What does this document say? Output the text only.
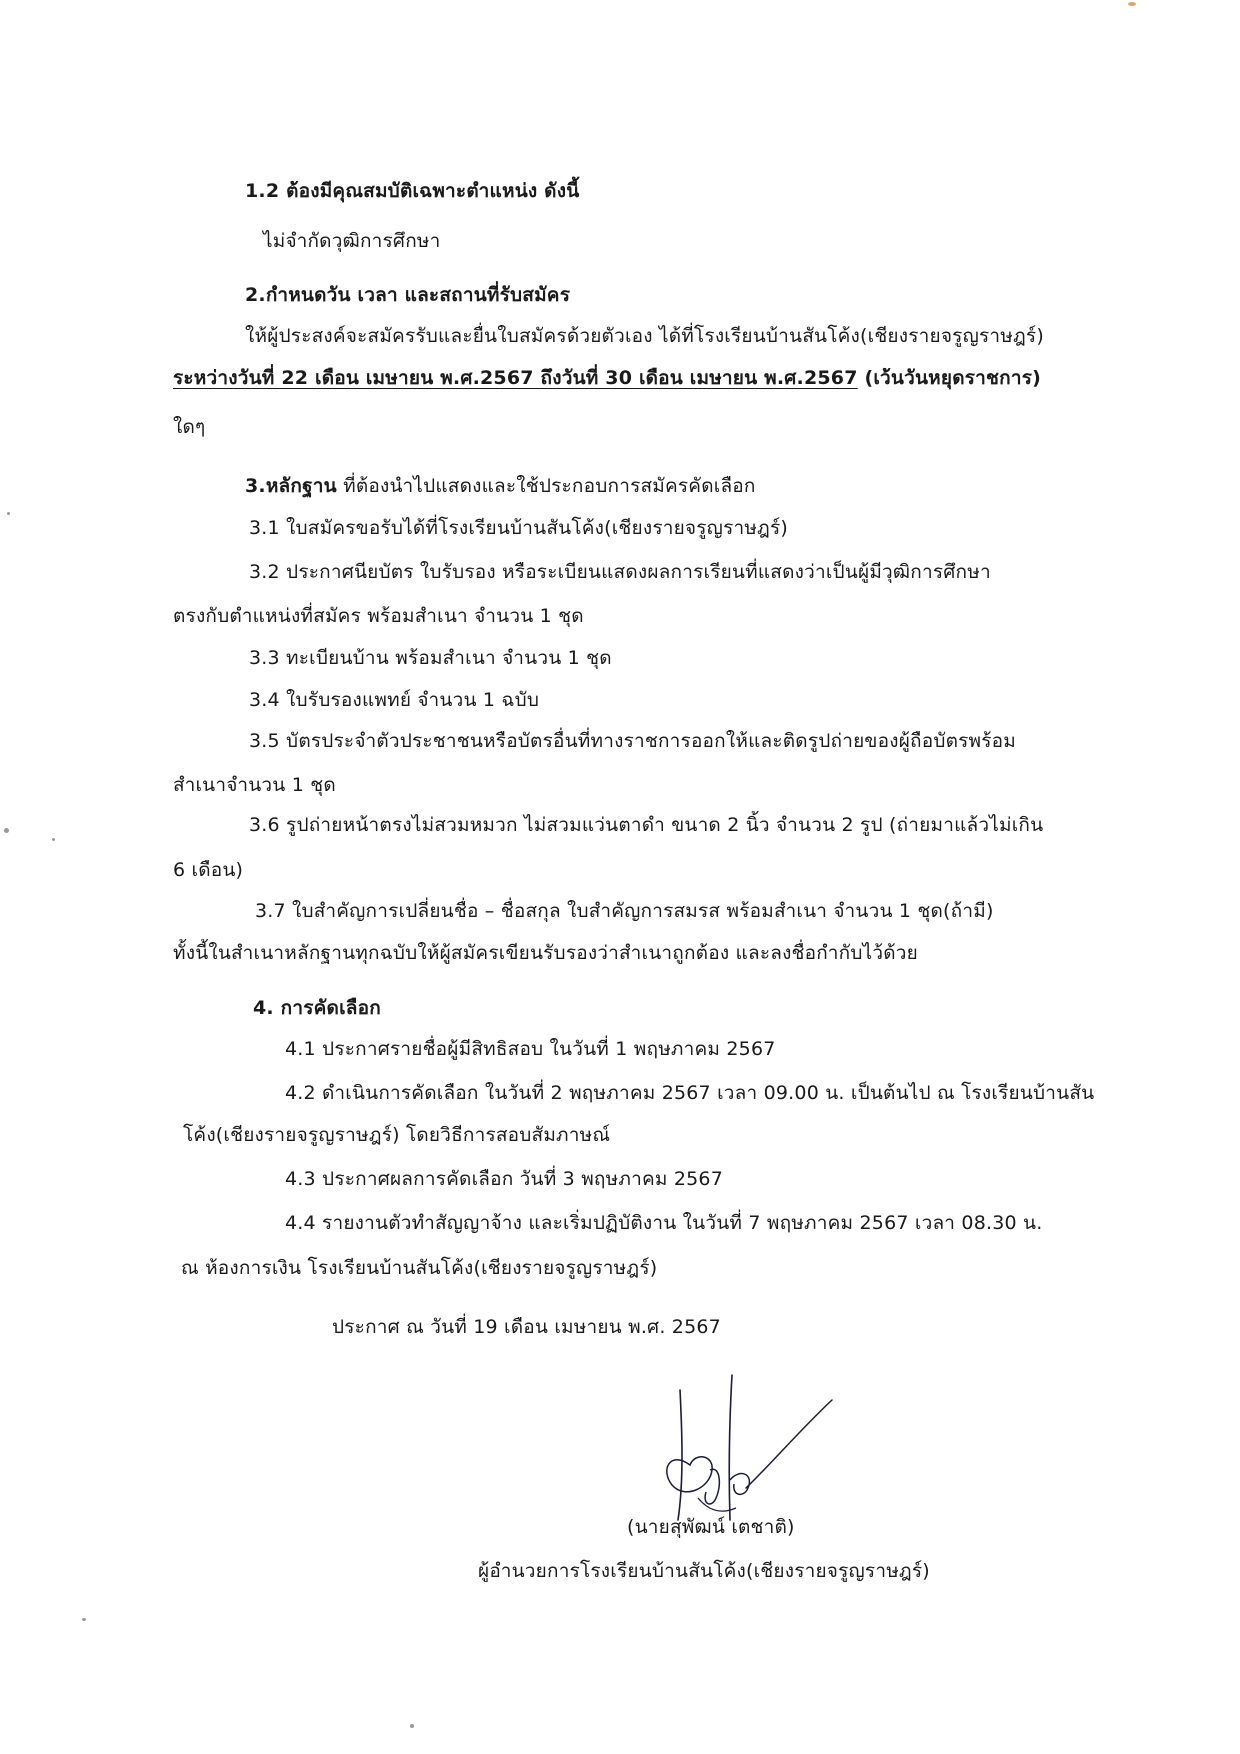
1.2 ต้องมีคุณสมบัติเฉพาะตำแหน่ง ดังนี้
ไม่จำกัดวุฒิการศึกษา
2.กำหนดวัน เวลา และสถานที่รับสมัคร
ให้ผู้ประสงค์จะสมัครรับและยื่นใบสมัครด้วยตัวเอง ได้ที่โรงเรียนบ้านสันโค้ง(เชียงรายจรูญราษฎร์)
ระหว่างวันที่ 22 เดือน เมษายน พ.ศ.2567 ถึงวันที่ 30 เดือน เมษายน พ.ศ.2567 (เว้นวันหยุดราชการ)
ใดๆ
3.หลักฐาน ที่ต้องนำไปแสดงและใช้ประกอบการสมัครคัดเลือก
3.1 ใบสมัครขอรับได้ที่โรงเรียนบ้านสันโค้ง(เชียงรายจรูญราษฎร์)
3.2 ประกาศนียบัตร ใบรับรอง หรือระเบียนแสดงผลการเรียนที่แสดงว่าเป็นผู้มีวุฒิการศึกษา
ตรงกับตำแหน่งที่สมัคร พร้อมสำเนา จำนวน 1 ชุด
3.3 ทะเบียนบ้าน พร้อมสำเนา จำนวน 1 ชุด
3.4 ใบรับรองแพทย์ จำนวน 1 ฉบับ
3.5 บัตรประจำตัวประชาชนหรือบัตรอื่นที่ทางราชการออกให้และติดรูปถ่ายของผู้ถือบัตรพร้อม
สำเนาจำนวน 1 ชุด
3.6 รูปถ่ายหน้าตรงไม่สวมหมวก ไม่สวมแว่นตาดำ ขนาด 2 นิ้ว จำนวน 2 รูป (ถ่ายมาแล้วไม่เกิน
6 เดือน)
3.7 ใบสำคัญการเปลี่ยนชื่อ – ชื่อสกุล ใบสำคัญการสมรส พร้อมสำเนา จำนวน 1 ชุด(ถ้ามี)
ทั้งนี้ในสำเนาหลักฐานทุกฉบับให้ผู้สมัครเขียนรับรองว่าสำเนาถูกต้อง และลงชื่อกำกับไว้ด้วย
4. การคัดเลือก
4.1 ประกาศรายชื่อผู้มีสิทธิสอบ ในวันที่ 1 พฤษภาคม 2567
4.2 ดำเนินการคัดเลือก ในวันที่ 2 พฤษภาคม 2567 เวลา 09.00 น. เป็นต้นไป ณ โรงเรียนบ้านสัน
โค้ง(เชียงรายจรูญราษฎร์) โดยวิธีการสอบสัมภาษณ์
4.3 ประกาศผลการคัดเลือก วันที่ 3 พฤษภาคม 2567
4.4 รายงานตัวทำสัญญาจ้าง และเริ่มปฏิบัติงาน ในวันที่ 7 พฤษภาคม 2567 เวลา 08.30 น.
ณ ห้องการเงิน โรงเรียนบ้านสันโค้ง(เชียงรายจรูญราษฎร์)
ประกาศ ณ วันที่ 19 เดือน เมษายน พ.ศ. 2567
(นายสุพัฒน์ เตชาติ)
ผู้อำนวยการโรงเรียนบ้านสันโค้ง(เชียงรายจรูญราษฎร์)
